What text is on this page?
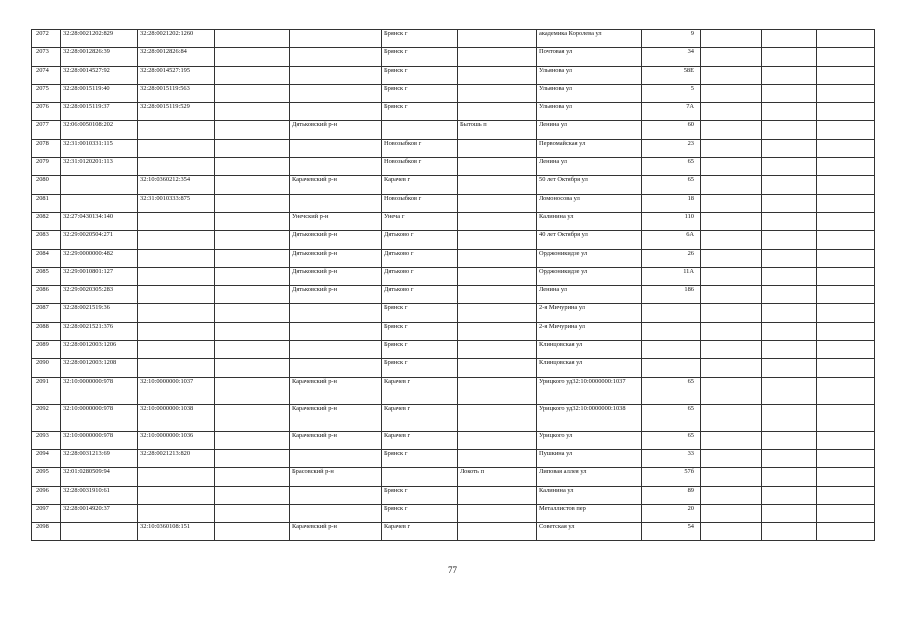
2072	32:28:0021202:829	32:28:0021202:1260			Брянск г		академика Королева ул	9			
2073	32:28:0012826:39	32:28:0012826:84			Брянск г		Почтовая ул	34			
2074	32:28:0014527:92	32:28:0014527:195			Брянск г		Ульянова ул	58Е			
2075	32:28:0015119:40	32:28:0015119:563			Брянск г		Ульянова ул	5			
2076	32:28:0015119:37	32:28:0015119:529			Брянск г		Ульянова ул	7А			
2077	32:06:0050108:202			Дятьковский р-н		Бытошь п	Ленина ул	60			
2078	32:31:0010331:115				Новозыбков г		Первомайская ул	23			
2079	32:31:0120201:113				Новозыбков г		Ленина ул	65			
2080		32:10:0360212:354		Карачевский р-н	Карачев г		50 лет Октября ул	65			
2081		32:31:0010333:875			Новозыбков г		Ломоносова ул	18			
2082	32:27:0430134:140			Унечский р-н	Унеча г		Калинина ул	110			
2083	32:29:0020504:271			Дятьковский р-н	Дятьково г		40 лет Октября ул	6А			
2084	32:29:0000000:482			Дятьковский р-н	Дятьково г		Орджоникидзе ул	26			
2085	32:29:0010801:127			Дятьковский р-н	Дятьково г		Орджоникидзе ул	11А			
2086	32:29:0020305:283			Дятьковский р-н	Дятьково г		Ленина ул	186			
2087	32:28:0021519:36				Брянск г		2-я Мичурина ул				
2088	32:28:0021521:376				Брянск г		2-я Мичурина ул				
2089	32:28:0012003:1206				Брянск г		Клинцовская ул				
2090	32:28:0012003:1208				Брянск г		Клинцовская ул				
2091	32:10:0000000:978	32:10:0000000:1037		Карачевский р-н	Карачев г		Урицкого уд32:10:0000000:1037	65			
2092	32:10:0000000:978	32:10:0000000:1038		Карачевский р-н	Карачев г		Урицкого уд32:10:0000000:1038	65			
2093	32:10:0000000:978	32:10:0000000:1036		Карачевский р-н	Карачев г		Урицкого ул	65			
2094	32:28:0031213:69	32:28:0021213:820			Брянск г		Пушкина ул	33			
2095	32:01:0280509:94			Брасовский р-н		Локоть п	Липовая аллея ул	57б			
2096	32:28:0031910:61				Брянск г		Калинина ул	89			
2097	32:28:0014920:37				Брянск г		Металлистов пер	20			
2098		32:10:0360108:151		Карачевский р-н	Карачев г		Советская ул	54			
77
